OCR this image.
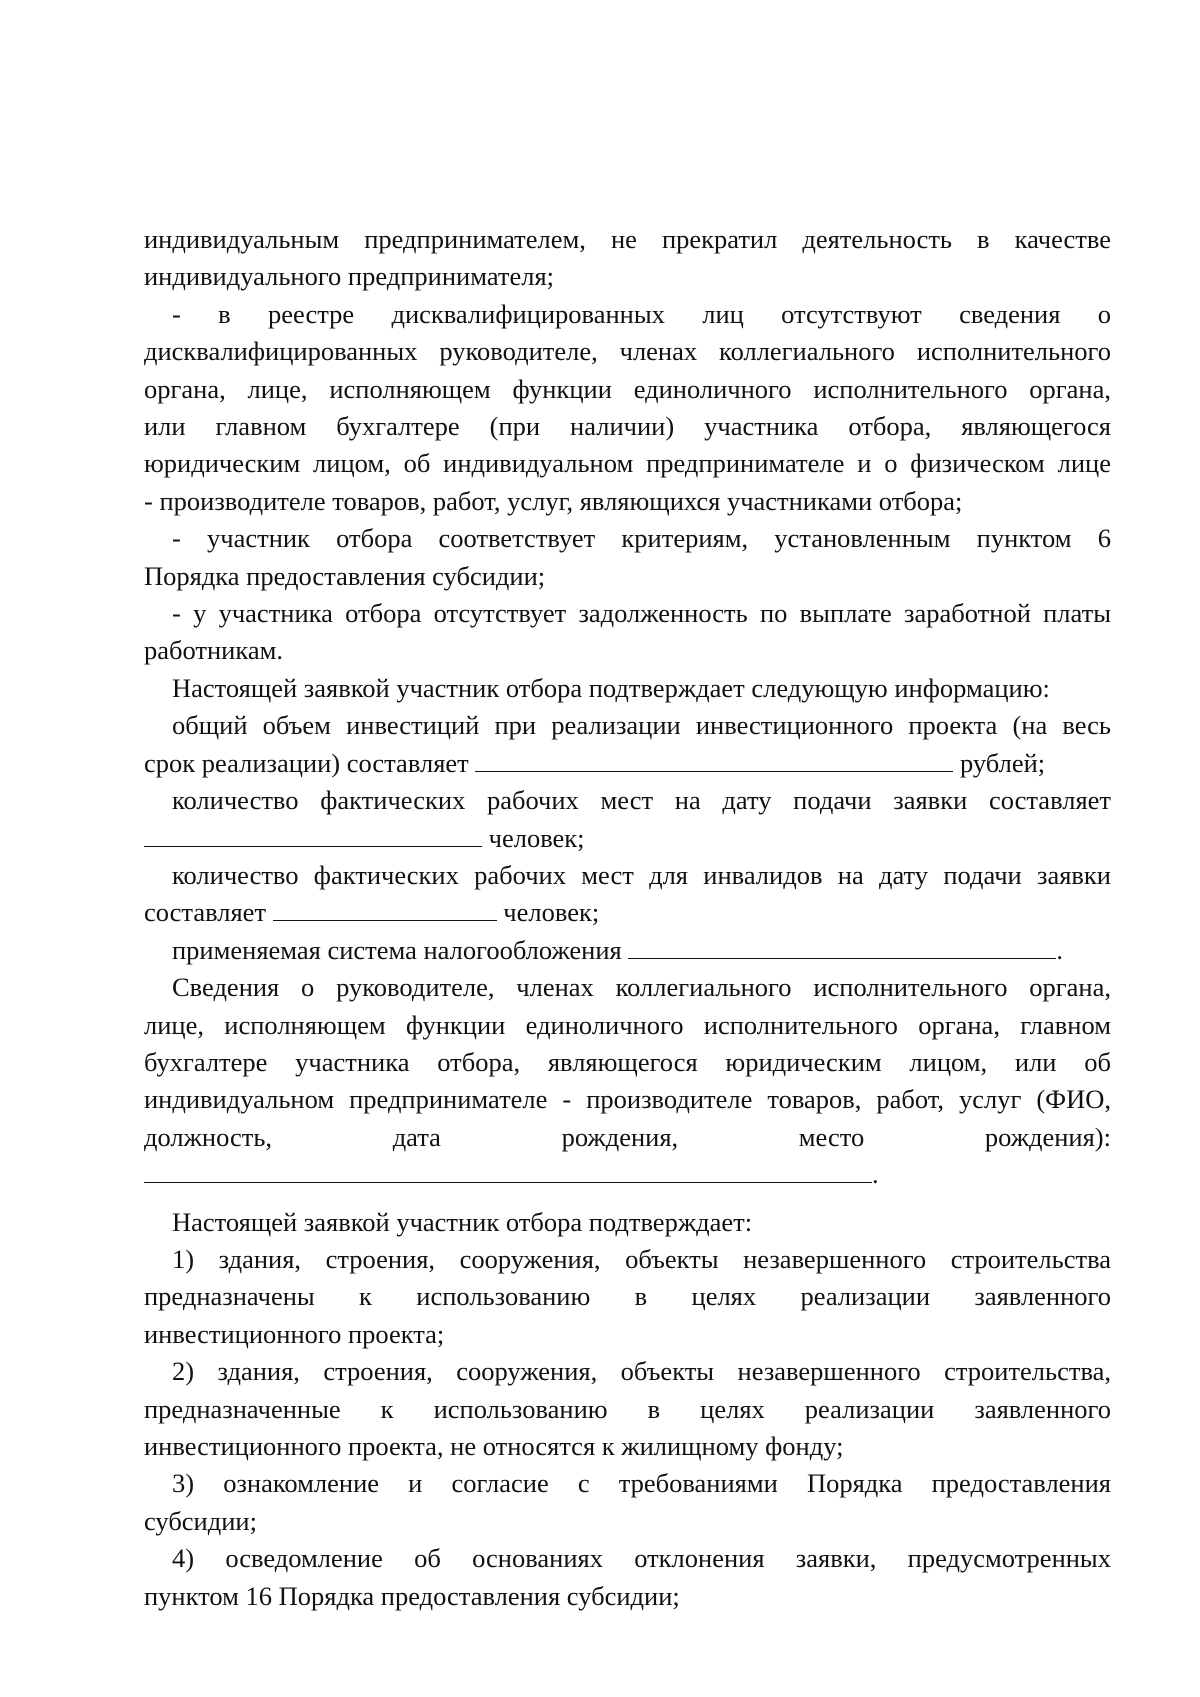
индивидуальным предпринимателем, не прекратил деятельность в качестве
индивидуального предпринимателя;
- в реестре дисквалифицированных лиц отсутствуют сведения о
дисквалифицированных руководителе, членах коллегиального исполнительного
органа, лице, исполняющем функции единоличного исполнительного органа,
или главном бухгалтере (при наличии) участника отбора, являющегося
юридическим лицом, об индивидуальном предпринимателе и о физическом лице
- производителе товаров, работ, услуг, являющихся участниками отбора;
- участник отбора соответствует критериям, установленным пунктом 6
Порядка предоставления субсидии;
- у участника отбора отсутствует задолженность по выплате заработной платы
работникам.
Настоящей заявкой участник отбора подтверждает следующую информацию:
общий объем инвестиций при реализации инвестиционного проекта (на весь
срок реализации) составляет	рублей;
количество фактических рабочих мест на дату подачи заявки составляет
человек;
количество фактических рабочих мест для инвалидов на дату подачи заявки
составляет	человек;
применяемая система налогообложения	.
Сведения о руководителе, членах коллегиального исполнительного органа,
лице, исполняющем функции единоличного исполнительного органа, главном
бухгалтере участника отбора, являющегося юридическим лицом, или об
индивидуальном предпринимателе - производителе товаров, работ, услуг (ФИО,
должность, дата рождения, место рождения):
.
Настоящей заявкой участник отбора подтверждает:
1) здания, строения, сооружения, объекты незавершенного строительства
предназначены к использованию в целях реализации заявленного
инвестиционного проекта;
2) здания, строения, сооружения, объекты незавершенного строительства,
предназначенные к использованию в целях реализации заявленного
инвестиционного проекта, не относятся к жилищному фонду;
3) ознакомление и согласие с требованиями Порядка предоставления
субсидии;
4) осведомление об основаниях отклонения заявки, предусмотренных
пунктом 16 Порядка предоставления субсидии;
